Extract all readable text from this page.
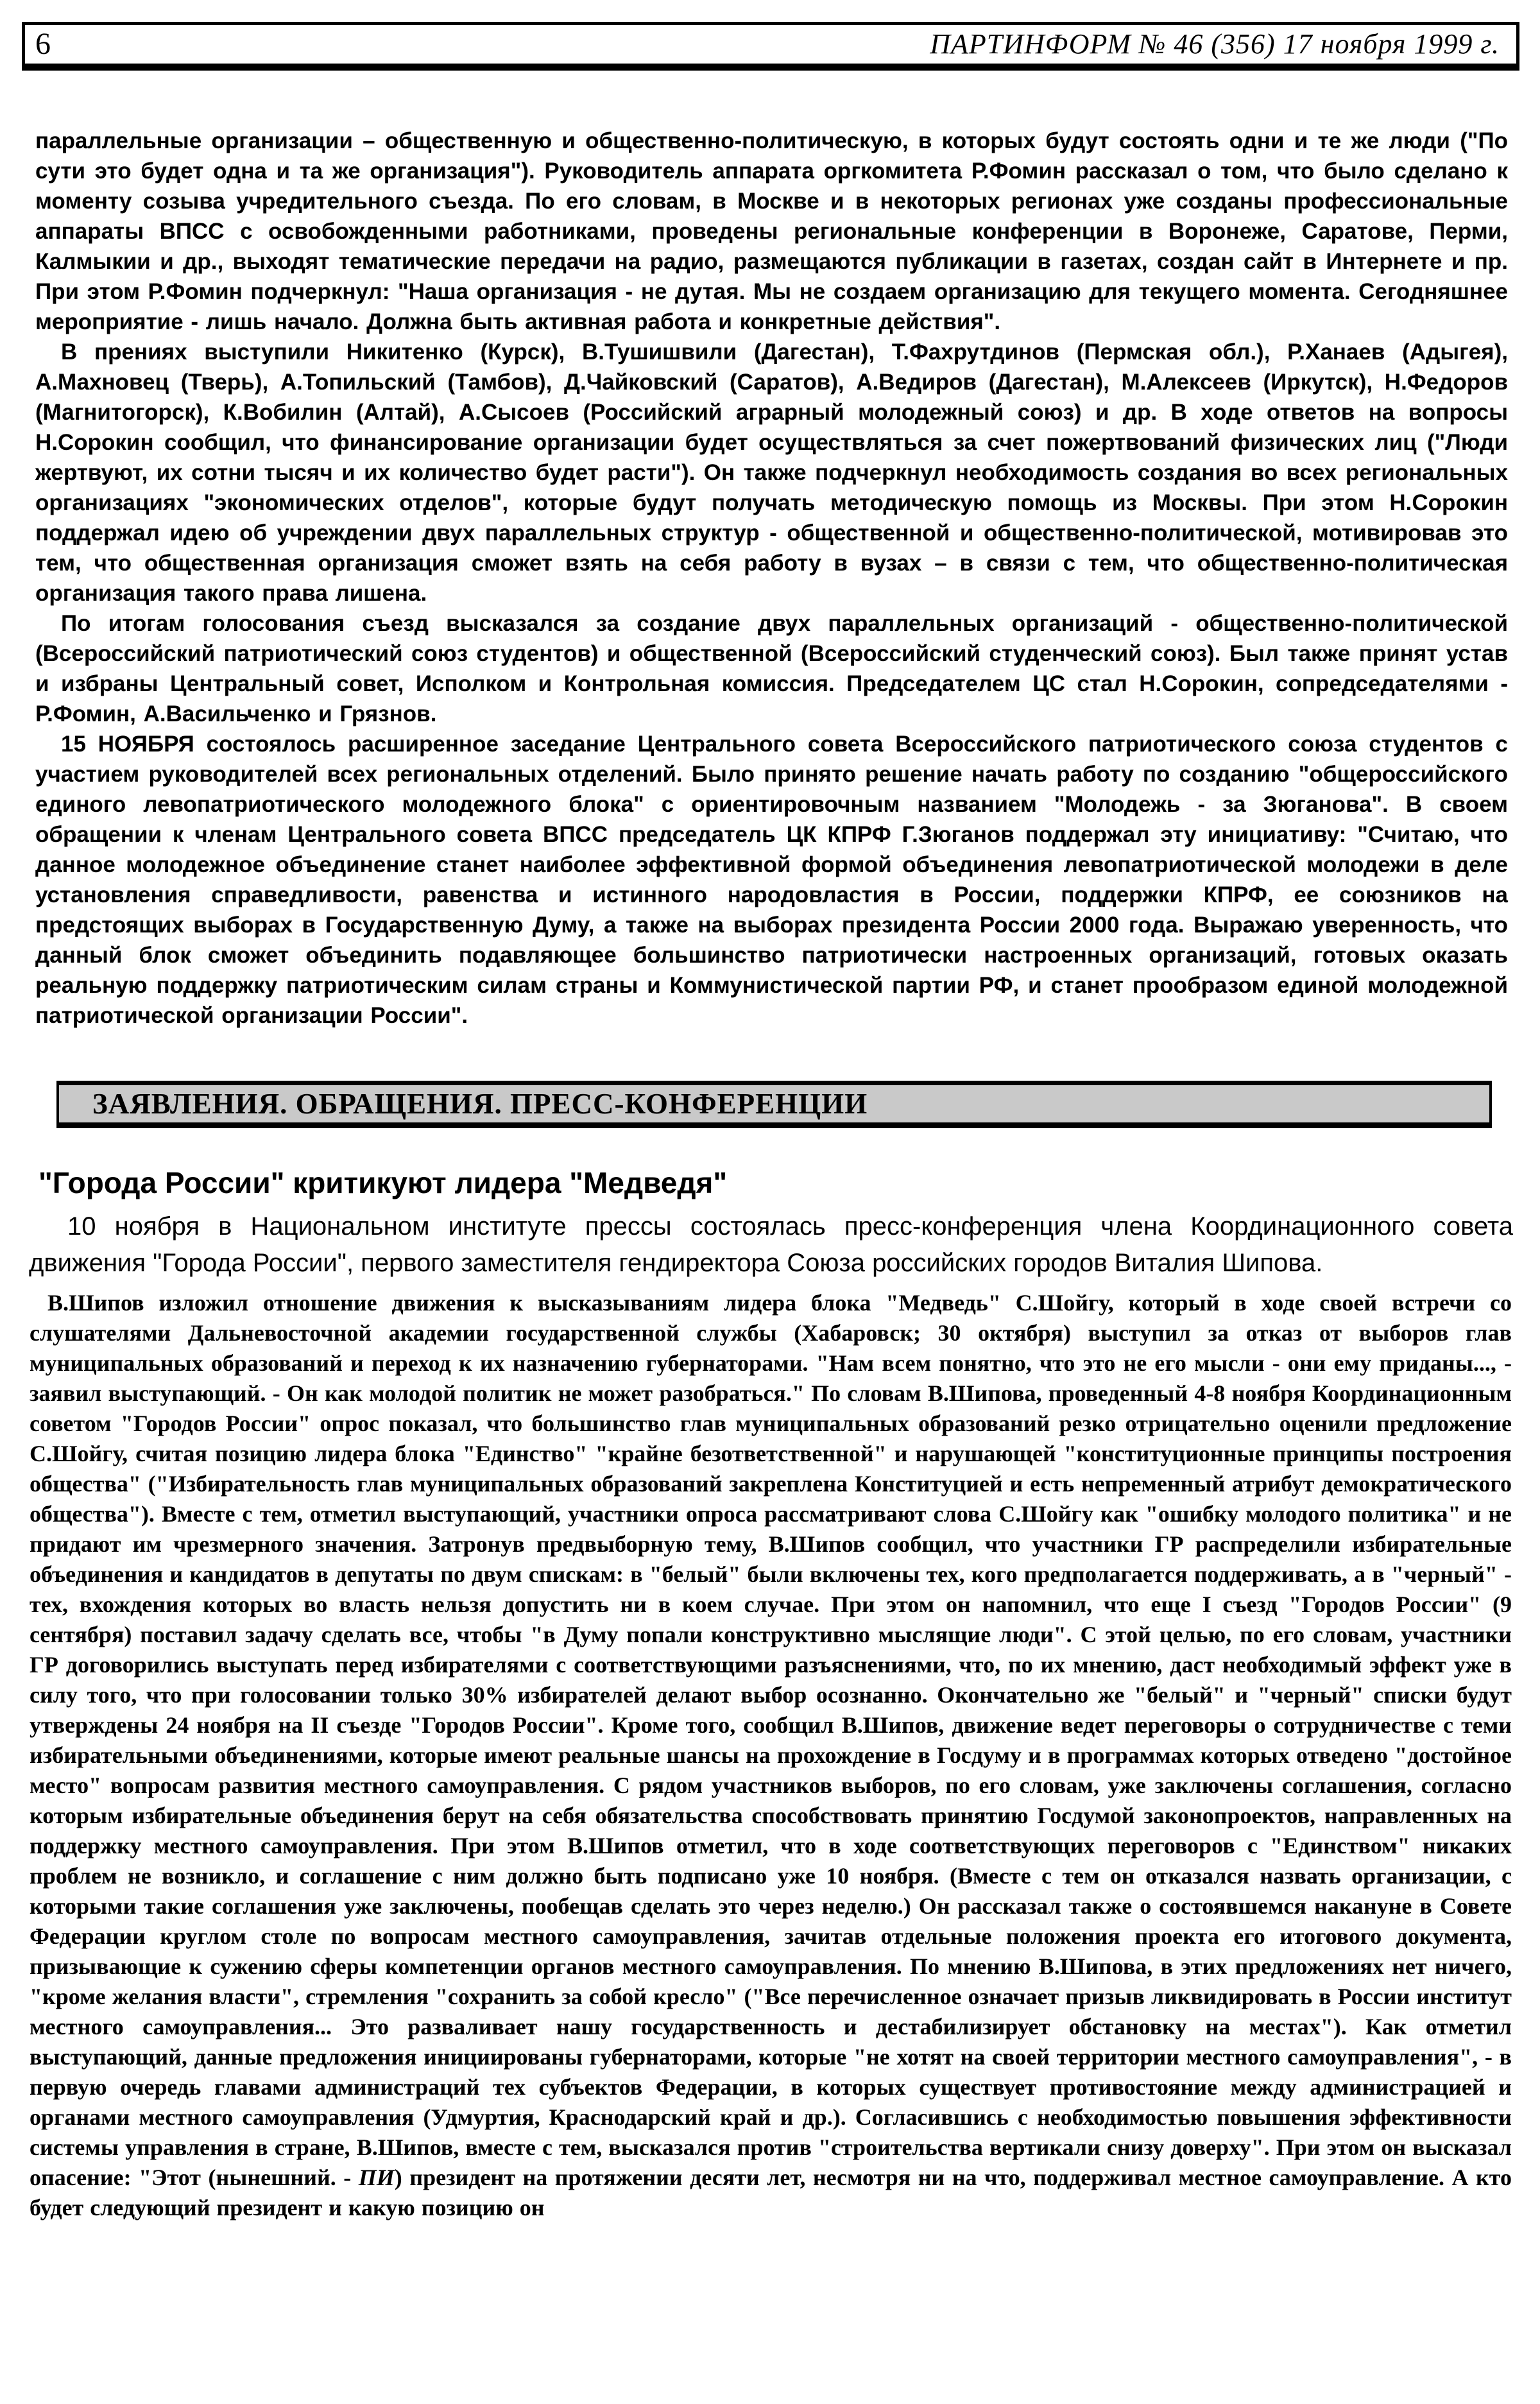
6	ПАРТИНФОРМ № 46 (356) 17 ноября 1999 г.

параллельные организации – общественную и общественно-политическую, в которых будут состоять одни и те же люди ("По сути это будет одна и та же организация"). Руководитель аппарата оргкомитета Р.Фомин рассказал о том, что было сделано к моменту созыва учредительного съезда. По его словам, в Москве и в некоторых регионах уже созданы профессиональные аппараты ВПСС с освобожденными работниками, проведены региональные конференции в Воронеже, Саратове, Перми, Калмыкии и др., выходят тематические передачи на радио, размещаются публикации в газетах, создан сайт в Интернете и пр. При этом Р.Фомин подчеркнул: "Наша организация - не дутая. Мы не создаем организацию для текущего момента. Сегодняшнее мероприятие - лишь начало. Должна быть активная работа и конкретные действия".

В прениях выступили Никитенко (Курск), В.Тушишвили (Дагестан), Т.Фахрутдинов (Пермская обл.), Р.Ханаев (Адыгея), А.Махновец (Тверь), А.Топильский (Тамбов), Д.Чайковский (Саратов), А.Ведиров (Дагестан), М.Алексеев (Иркутск), Н.Федоров (Магнитогорск), К.Вобилин (Алтай), А.Сысоев (Российский аграрный молодежный союз) и др. В ходе ответов на вопросы Н.Сорокин сообщил, что финансирование организации будет осуществляться за счет пожертвований физических лиц ("Люди жертвуют, их сотни тысяч и их количество будет расти"). Он также подчеркнул необходимость создания во всех региональных организациях "экономических отделов", которые будут получать методическую помощь из Москвы. При этом Н.Сорокин поддержал идею об учреждении двух параллельных структур - общественной и общественно-политической, мотивировав это тем, что общественная организация сможет взять на себя работу в вузах – в связи с тем, что общественно-политическая организация такого права лишена.

По итогам голосования съезд высказался за создание двух параллельных организаций - общественно-политической (Всероссийский патриотический союз студентов) и общественной (Всероссийский студенческий союз). Был также принят устав и избраны Центральный совет, Исполком и Контрольная комиссия. Председателем ЦС стал Н.Сорокин, сопредседателями - Р.Фомин, А.Васильченко и Грязнов.

15 НОЯБРЯ состоялось расширенное заседание Центрального совета Всероссийского патриотического союза студентов с участием руководителей всех региональных отделений. Было принято решение начать работу по созданию "общероссийского единого левопатриотического молодежного блока" с ориентировочным названием "Молодежь - за Зюганова". В своем обращении к членам Центрального совета ВПСС председатель ЦК КПРФ Г.Зюганов поддержал эту инициативу: "Считаю, что данное молодежное объединение станет наиболее эффективной формой объединения левопатриотической молодежи в деле установления справедливости, равенства и истинного народовластия в России, поддержки КПРФ, ее союзников на предстоящих выборах в Государственную Думу, а также на выборах президента России 2000 года. Выражаю уверенность, что данный блок сможет объединить подавляющее большинство патриотически настроенных организаций, готовых оказать реальную поддержку патриотическим силам страны и Коммунистической партии РФ, и станет прообразом единой молодежной патриотической организации России".

ЗАЯВЛЕНИЯ. ОБРАЩЕНИЯ. ПРЕСС-КОНФЕРЕНЦИИ
"Города России" критикуют лидера "Медведя"

10 ноября в Национальном институте прессы состоялась пресс-конференция члена Координационного совета движения "Города России", первого заместителя гендиректора Союза российских городов Виталия Шипова.

В.Шипов изложил отношение движения к высказываниям лидера блока "Медведь" С.Шойгу, который в ходе своей встречи со слушателями Дальневосточной академии государственной службы (Хабаровск; 30 октября) выступил за отказ от выборов глав муниципальных образований и переход к их назначению губернаторами. "Нам всем понятно, что это не его мысли - они ему приданы..., - заявил выступающий. - Он как молодой политик не может разобраться." По словам В.Шипова, проведенный 4-8 ноября Координационным советом "Городов России" опрос показал, что большинство глав муниципальных образований резко отрицательно оценили предложение С.Шойгу, считая позицию лидера блока "Единство" "крайне безответственной" и нарушающей "конституционные принципы построения общества" ("Избирательность глав муниципальных образований закреплена Конституцией и есть непременный атрибут демократического общества"). Вместе с тем, отметил выступающий, участники опроса рассматривают слова С.Шойгу как "ошибку молодого политика" и не придают им чрезмерного значения. Затронув предвыборную тему, В.Шипов сообщил, что участники ГР распределили избирательные объединения и кандидатов в депутаты по двум спискам: в "белый" были включены тех, кого предполагается поддерживать, а в "черный" - тех, вхождения которых во власть нельзя допустить ни в коем случае. При этом он напомнил, что еще I съезд "Городов России" (9 сентября) поставил задачу сделать все, чтобы "в Думу попали конструктивно мыслящие люди". С этой целью, по его словам, участники ГР договорились выступать перед избирателями с соответствующими разъяснениями, что, по их мнению, даст необходимый эффект уже в силу того, что при голосовании только 30% избирателей делают выбор осознанно. Окончательно же "белый" и "черный" списки будут утверждены 24 ноября на II съезде "Городов России". Кроме того, сообщил В.Шипов, движение ведет переговоры о сотрудничестве с теми избирательными объединениями, которые имеют реальные шансы на прохождение в Госдуму и в программах которых отведено "достойное место" вопросам развития местного самоуправления. С рядом участников выборов, по его словам, уже заключены соглашения, согласно которым избирательные объединения берут на себя обязательства способствовать принятию Госдумой законопроектов, направленных на поддержку местного самоуправления. При этом В.Шипов отметил, что в ходе соответствующих переговоров с "Единством" никаких проблем не возникло, и соглашение с ним должно быть подписано уже 10 ноября. (Вместе с тем он отказался назвать организации, с которыми такие соглашения уже заключены, пообещав сделать это через неделю.) Он рассказал также о состоявшемся накануне в Совете Федерации круглом столе по вопросам местного самоуправления, зачитав отдельные положения проекта его итогового документа, призывающие к сужению сферы компетенции органов местного самоуправления. По мнению В.Шипова, в этих предложениях нет ничего, "кроме желания власти", стремления "сохранить за собой кресло" ("Все перечисленное означает призыв ликвидировать в России институт местного самоуправления... Это разваливает нашу государственность и дестабилизирует обстановку на местах"). Как отметил выступающий, данные предложения инициированы губернаторами, которые "не хотят на своей территории местного самоуправления", - в первую очередь главами администраций тех субъектов Федерации, в которых существует противостояние между администрацией и органами местного самоуправления (Удмуртия, Краснодарский край и др.). Согласившись с необходимостью повышения эффективности системы управления в стране, В.Шипов, вместе с тем, высказался против "строительства вертикали снизу доверху". При этом он высказал опасение: "Этот (нынешний. - ПИ) президент на протяжении десяти лет, несмотря ни на что, поддерживал местное самоуправление. А кто будет следующий президент и какую позицию он
